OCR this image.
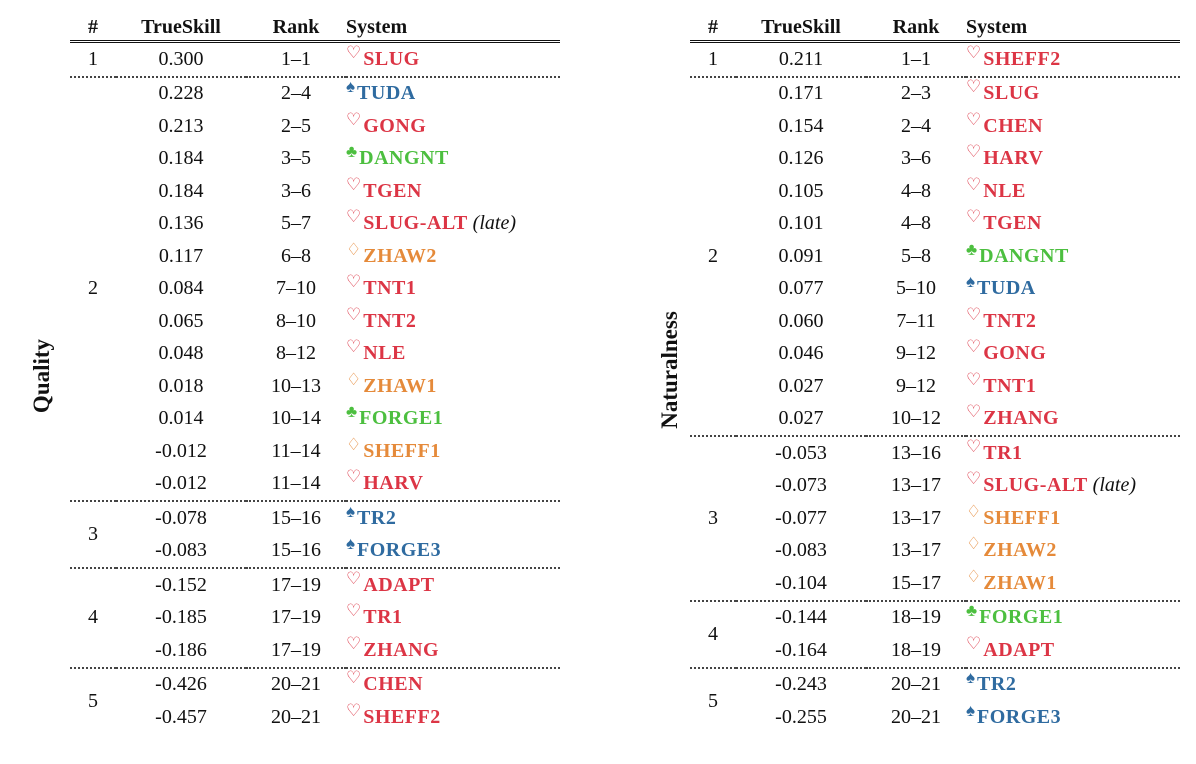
Quality
#	TrueSkill	Rank	System
1	0.300	1–1	♡ SLUG
2	0.228	2–4	♠ TUDA
	0.213	2–5	♡ GONG
	0.184	3–5	♣ DANGNT
	0.184	3–6	♡ TGEN
	0.136	5–7	♡ SLUG-ALT (late)
	0.117	6–8	♢ ZHAW2
	0.084	7–10	♡ TNT1
	0.065	8–10	♡ TNT2
	0.048	8–12	♡ NLE
	0.018	10–13	♢ ZHAW1
	0.014	10–14	♣ FORGE1
	-0.012	11–14	♢ SHEFF1
	-0.012	11–14	♡ HARV
3	-0.078	15–16	♠ TR2
	-0.083	15–16	♠ FORGE3
4	-0.152	17–19	♡ ADAPT
	-0.185	17–19	♡ TR1
	-0.186	17–19	♡ ZHANG
5	-0.426	20–21	♡ CHEN
	-0.457	20–21	♡ SHEFF2
Naturalness
#	TrueSkill	Rank	System
1	0.211	1–1	♡ SHEFF2
2	0.171	2–3	♡ SLUG
	0.154	2–4	♡ CHEN
	0.126	3–6	♡ HARV
	0.105	4–8	♡ NLE
	0.101	4–8	♡ TGEN
	0.091	5–8	♣ DANGNT
	0.077	5–10	♠ TUDA
	0.060	7–11	♡ TNT2
	0.046	9–12	♡ GONG
	0.027	9–12	♡ TNT1
	0.027	10–12	♡ ZHANG
3	-0.053	13–16	♡ TR1
	-0.073	13–17	♡ SLUG-ALT (late)
	-0.077	13–17	♢ SHEFF1
	-0.083	13–17	♢ ZHAW2
	-0.104	15–17	♢ ZHAW1
4	-0.144	18–19	♣ FORGE1
	-0.164	18–19	♡ ADAPT
5	-0.243	20–21	♠ TR2
	-0.255	20–21	♠ FORGE3
